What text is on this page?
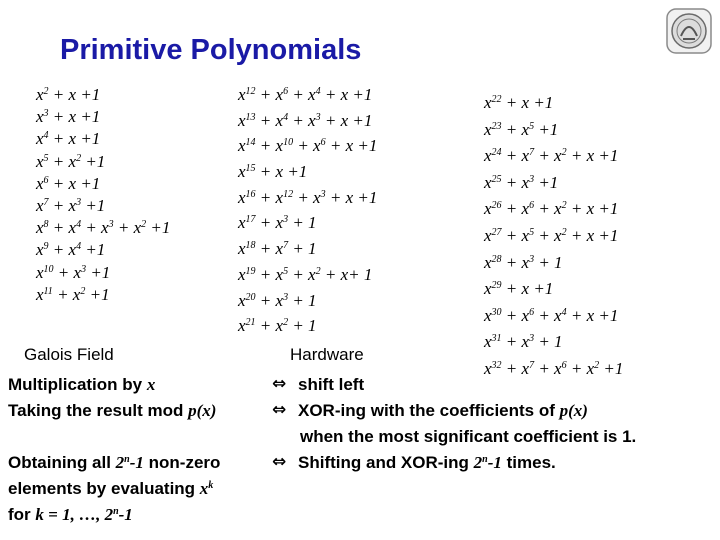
Primitive Polynomials
$x^2 + x +1$
$x^3 + x +1$
$x^4 + x +1$
$x^5 + x^2 +1$
$x^6 + x +1$
$x^7 + x^3 +1$
$x^8 + x^4 + x^3 + x^2 +1$
$x^9 + x^4 +1$
$x^{10} + x^3 +1$
$x^{11} + x^2 +1$
$x^{12} + x^6 + x^4 + x +1$
$x^{13} + x^4 + x^3 + x +1$
$x^{14} + x^{10} + x^6 + x +1$
$x^{15} + x +1$
$x^{16} + x^{12} + x^3 + x +1$
$x^{17} + x^3 + 1$
$x^{18} + x^7 + 1$
$x^{19} + x^5 + x^2 + x+ 1$
$x^{20} + x^3 + 1$
$x^{21} + x^2 + 1$
$x^{22} + x +1$
$x^{23} + x^5 +1$
$x^{24} + x^7 + x^2 + x +1$
$x^{25} + x^3 +1$
$x^{26} + x^6 + x^2 + x +1$
$x^{27} + x^5 + x^2 + x +1$
$x^{28} + x^3 + 1$
$x^{29} + x +1$
$x^{30} + x^6 + x^4 + x +1$
$x^{31} + x^3 + 1$
$x^{32} + x^7 + x^6 + x^2 +1$
Galois Field	Hardware
Multiplication by x	⇔ shift left
Taking the result mod p(x)	⇔ XOR-ing with the coefficients of p(x)
when the most significant coefficient is 1.
Obtaining all 2$^n$-1 non-zero	⇔ Shifting and XOR-ing 2$^n$-1 times.
elements by evaluating $x^k$
for k = 1, …, 2$^n$-1
